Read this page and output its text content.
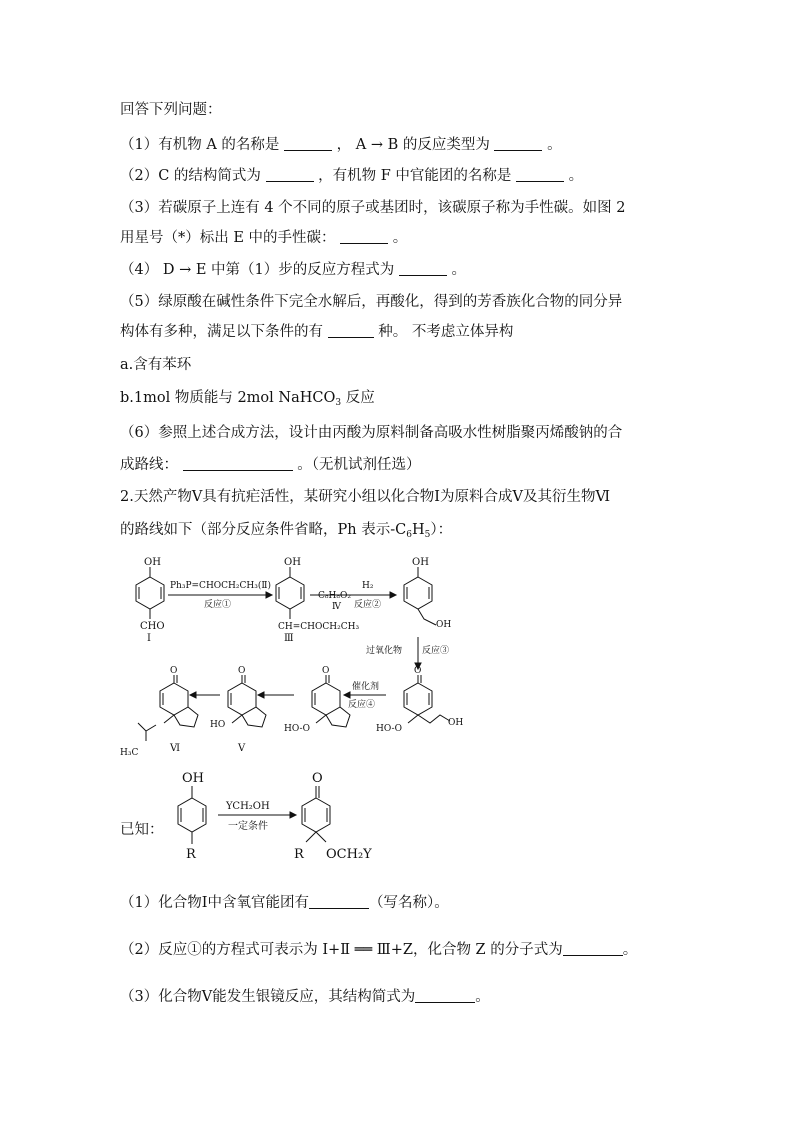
回答下列问题：
（1）有机物 A 的名称是	， A → B 的反应类型为	。
（2）C 的结构简式为	，有机物 F 中官能团的名称是	。
（3）若碳原子上连有 4 个不同的原子或基团时，该碳原子称为手性碳。如图 2
用星号（*）标出 E 中的手性碳：	。
（4） D → E 中第（1）步的反应方程式为	。
（5）绿原酸在碱性条件下完全水解后，再酸化，得到的芳香族化合物的同分异
构体有多种，满足以下条件的有	种。 不考虑立体异构
a.含有苯环
b.1mol 物质能与 2mol NaHCO$_3$ 反应
（6）参照上述合成方法，设计由丙酸为原料制备高吸水性树脂聚丙烯酸钠的合
成路线：	。（无机试剂任选）
2.天然产物Ⅴ具有抗疟活性，某研究小组以化合物Ⅰ为原料合成Ⅴ及其衍生物Ⅵ
的路线如下（部分反应条件省略，Ph 表示$-C_6H_5$）：
OH
CHO
Ⅰ
Ph₃P=CHOCH₂CH₃(Ⅱ)
反应①
OH
CH=CHOCH₂CH₃
Ⅲ
C₈H₈O₂
Ⅳ
H₂
反应②
OH
OH
过氧化物 反应③
O
HO-O
OH
催化剂
反应④
O
HO-O
O
HO
Ⅴ
O
H₃C	Ⅵ
已知：
OH
R
YCH₂OH
一定条件
O
R OCH₂Y
（1）化合物Ⅰ中含氧官能团有	（写名称）。
（2）反应①的方程式可表示为 Ⅰ+Ⅱ ══ Ⅲ+Z，化合物 Z 的分子式为	。
（3）化合物Ⅴ能发生银镜反应，其结构简式为	。
